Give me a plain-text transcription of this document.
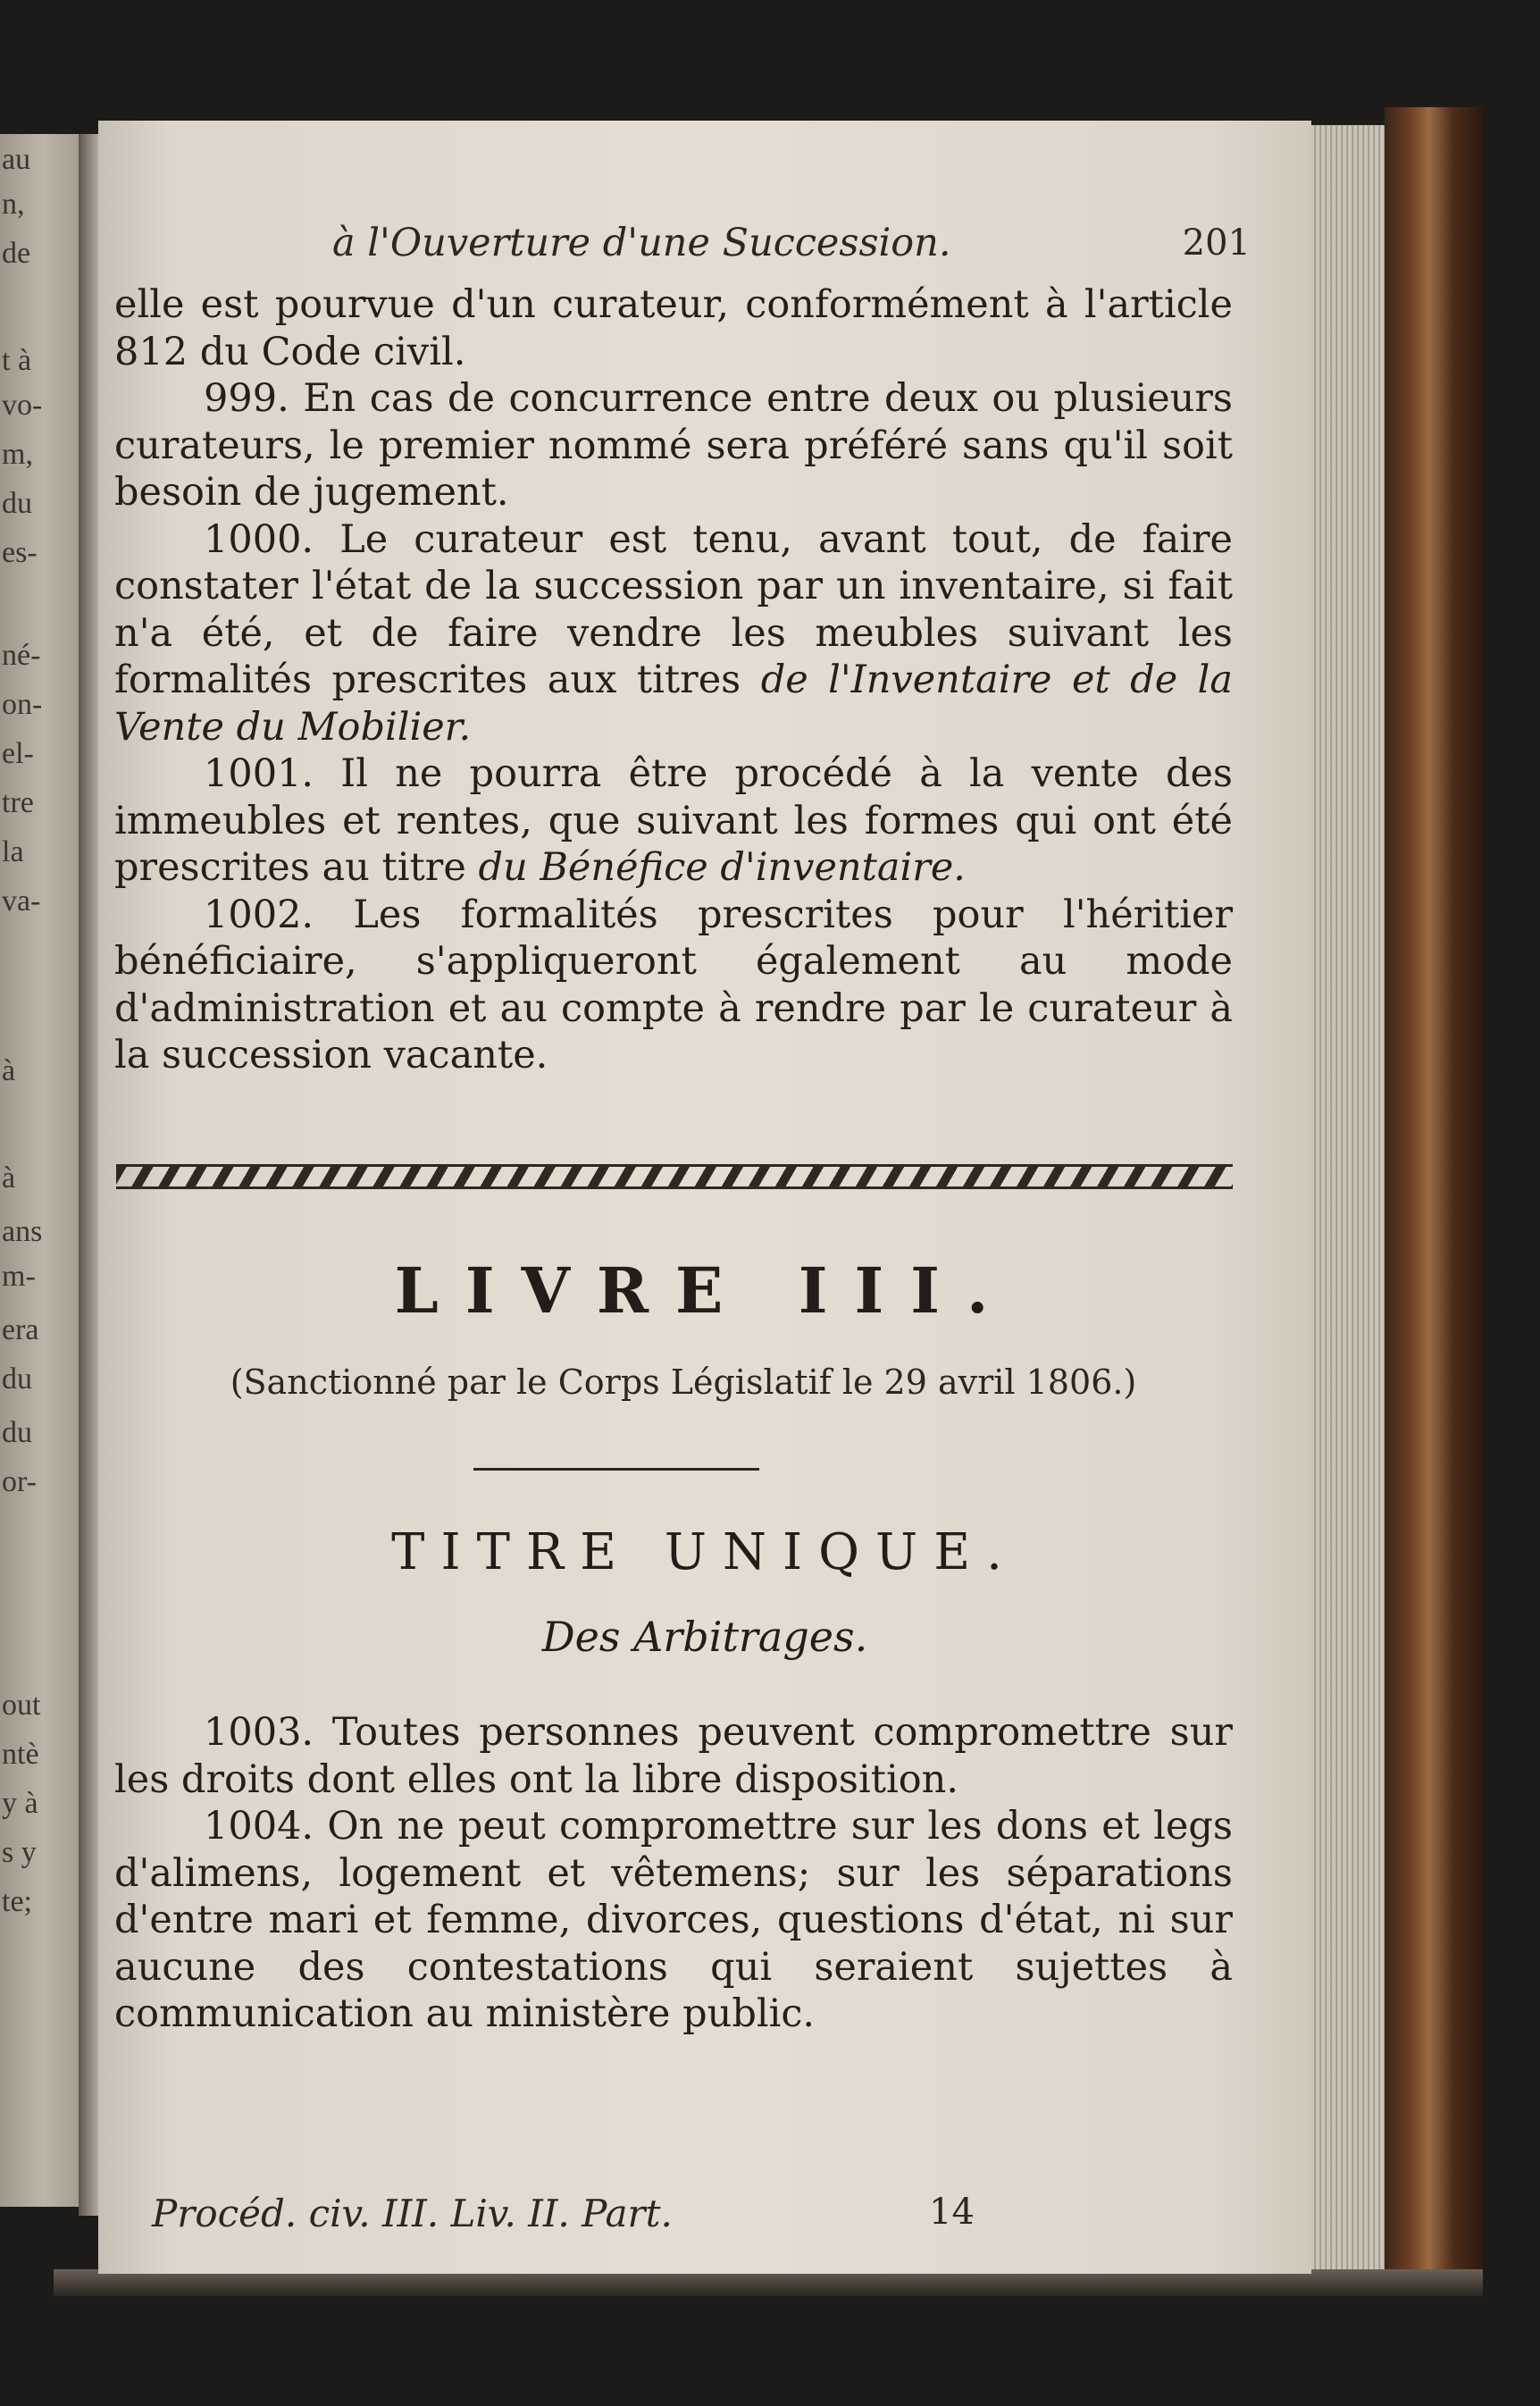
au
n,
de
t à
vo-
m,
du
es-
né-
on-
el-
tre
la
va-
à
à
ans
m-
era
du
du
or-
out
ntè
y à
s y
te;
à l'Ouverture d'une Succession.	201

elle est pourvue d'un curateur, conformément à l'article 812 du Code civil.

999. En cas de concurrence entre deux ou plusieurs curateurs, le premier nommé sera préféré sans qu'il soit besoin de jugement.

1000. Le curateur est tenu, avant tout, de faire constater l'état de la succession par un inventaire, si fait n'a été, et de faire vendre les meubles suivant les formalités prescrites aux titres de l'Inventaire et de la Vente du Mobilier.

1001. Il ne pourra être procédé à la vente des immeubles et rentes, que suivant les formes qui ont été prescrites au titre du Bénéfice d'inventaire.

1002. Les formalités prescrites pour l'héritier bénéficiaire, s'appliqueront également au mode d'administration et au compte à rendre par le curateur à la succession vacante.

LIVRE III.
(Sanctionné par le Corps Législatif le 29 avril 1806.)
TITRE UNIQUE.
Des Arbitrages.

1003. Toutes personnes peuvent compromettre sur les droits dont elles ont la libre disposition.

1004. On ne peut compromettre sur les dons et legs d'alimens, logement et vêtemens; sur les séparations d'entre mari et femme, divorces, questions d'état, ni sur aucune des contestations qui seraient sujettes à communication au ministère public.

Procéd. civ. III. Liv. II. Part.	14
